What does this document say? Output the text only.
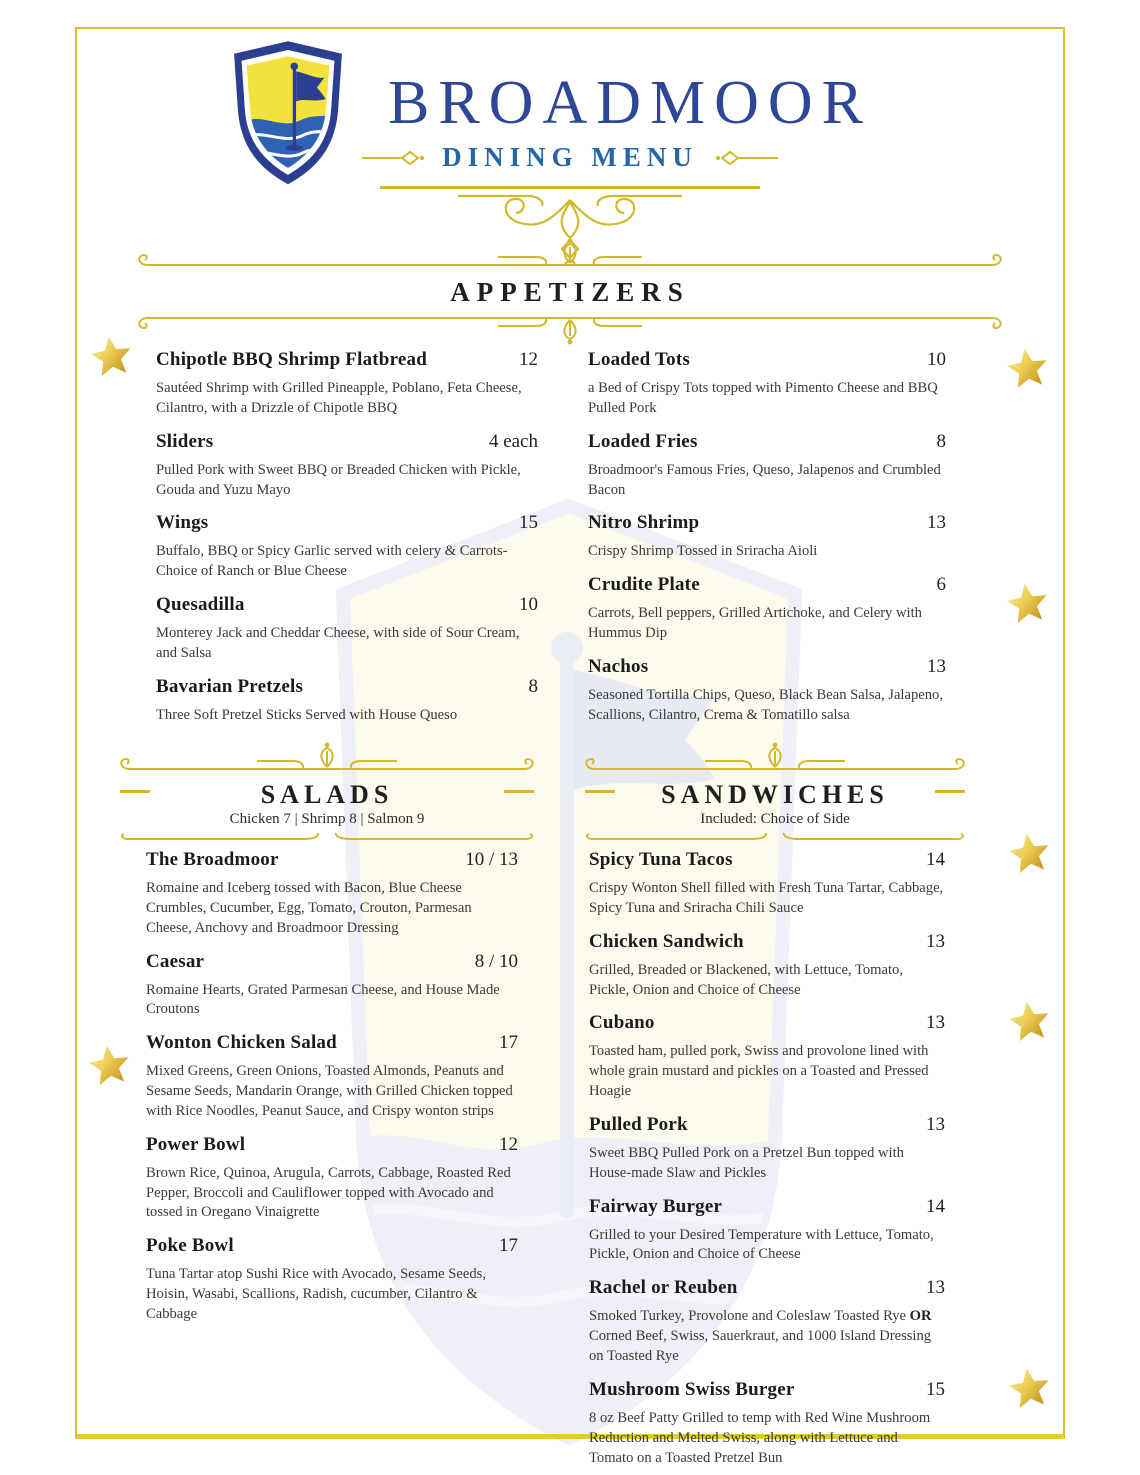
BROADMOOR
DINING MENU
APPETIZERS
Chipotle BBQ Shrimp Flatbread	12

Sautéed Shrimp with Grilled Pineapple, Poblano, Feta Cheese, Cilantro, with a Drizzle of Chipotle BBQ

Sliders	4 each

Pulled Pork with Sweet BBQ or Breaded Chicken with Pickle, Gouda and Yuzu Mayo

Wings	15

Buffalo, BBQ or Spicy Garlic served with celery & Carrots- Choice of Ranch or Blue Cheese

Quesadilla	10

Monterey Jack and Cheddar Cheese, with side of Sour Cream, and Salsa

Bavarian Pretzels	8

Three Soft Pretzel Sticks Served with House Queso

Loaded Tots	10

a Bed of Crispy Tots topped with Pimento Cheese and BBQ Pulled Pork

Loaded Fries	8

Broadmoor's Famous Fries, Queso, Jalapenos and Crumbled Bacon

Nitro Shrimp	13

Crispy Shrimp Tossed in Sriracha Aioli

Crudite Plate	6

Carrots, Bell peppers, Grilled Artichoke, and Celery with Hummus Dip

Nachos	13

Seasoned Tortilla Chips, Queso, Black Bean Salsa, Jalapeno, Scallions, Cilantro, Crema & Tomatillo salsa

SALADS
Chicken 7 | Shrimp 8 | Salmon 9
The Broadmoor	10 / 13

Romaine and Iceberg tossed with Bacon, Blue Cheese Crumbles, Cucumber, Egg, Tomato, Crouton, Parmesan Cheese, Anchovy and Broadmoor Dressing

Caesar	8 / 10

Romaine Hearts, Grated Parmesan Cheese, and House Made Croutons

Wonton Chicken Salad	17

Mixed Greens, Green Onions, Toasted Almonds, Peanuts and Sesame Seeds, Mandarin Orange, with Grilled Chicken topped with Rice Noodles, Peanut Sauce, and Crispy wonton strips

Power Bowl	12

Brown Rice, Quinoa, Arugula, Carrots, Cabbage, Roasted Red Pepper, Broccoli and Cauliflower topped with Avocado and tossed in Oregano Vinaigrette

Poke Bowl	17

Tuna Tartar atop Sushi Rice with Avocado, Sesame Seeds, Hoisin, Wasabi, Scallions, Radish, cucumber, Cilantro & Cabbage

SANDWICHES
Included: Choice of Side
Spicy Tuna Tacos	14

Crispy Wonton Shell filled with Fresh Tuna Tartar, Cabbage, Spicy Tuna and Sriracha Chili Sauce

Chicken Sandwich	13

Grilled, Breaded or Blackened, with Lettuce, Tomato, Pickle, Onion and Choice of Cheese

Cubano	13

Toasted ham, pulled pork, Swiss and provolone lined with whole grain mustard and pickles on a Toasted and Pressed Hoagie

Pulled Pork	13

Sweet BBQ Pulled Pork on a Pretzel Bun topped with House-made Slaw and Pickles

Fairway Burger	14

Grilled to your Desired Temperature with Lettuce, Tomato, Pickle, Onion and Choice of Cheese

Rachel or Reuben	13

Smoked Turkey, Provolone and Coleslaw Toasted Rye OR Corned Beef, Swiss, Sauerkraut, and 1000 Island Dressing on Toasted Rye

Mushroom Swiss Burger	15

8 oz Beef Patty Grilled to temp with Red Wine Mushroom Reduction and Melted Swiss, along with Lettuce and Tomato on a Toasted Pretzel Bun
